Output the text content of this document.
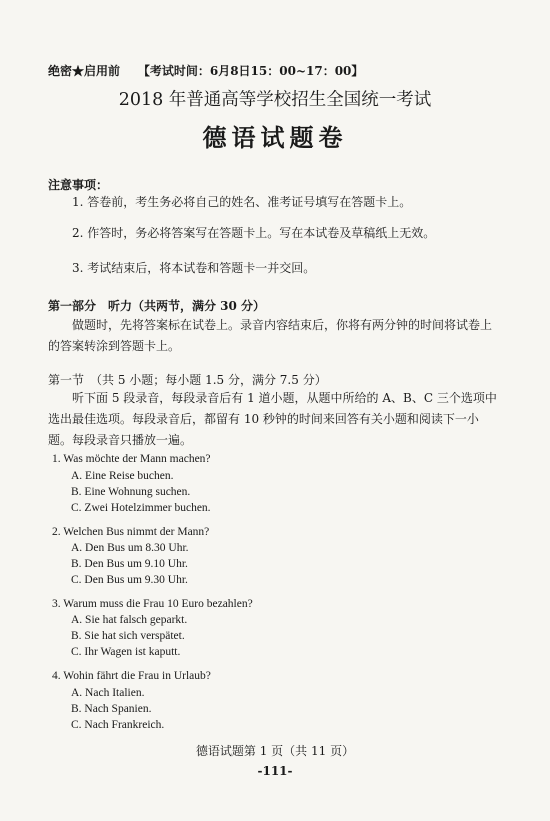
绝密★启用前 【考试时间：6月8日15：00~17：00】
2018 年普通高等学校招生全国统一考试
德语试题卷
注意事项：
1. 答卷前，考生务必将自己的姓名、准考证号填写在答题卡上。
2. 作答时，务必将答案写在答题卡上。写在本试卷及草稿纸上无效。
3. 考试结束后，将本试卷和答题卡一并交回。
第一部分　听力（共两节，满分 30 分）
做题时，先将答案标在试卷上。录音内容结束后，你将有两分钟的时间将试卷上的答案转涂到答题卡上。
第一节　（共 5 小题；每小题 1.5 分，满分 7.5 分）
听下面 5 段录音，每段录音后有 1 道小题，从题中所给的 A、B、C 三个选项中选出最佳选项。每段录音后，都留有 10 秒钟的时间来回答有关小题和阅读下一小题。每段录音只播放一遍。
1. Was möchte der Mann machen?
A. Eine Reise buchen.
B. Eine Wohnung suchen.
C. Zwei Hotelzimmer buchen.
2. Welchen Bus nimmt der Mann?
A. Den Bus um 8.30 Uhr.
B. Den Bus um 9.10 Uhr.
C. Den Bus um 9.30 Uhr.
3. Warum muss die Frau 10 Euro bezahlen?
A. Sie hat falsch geparkt.
B. Sie hat sich verspätet.
C. Ihr Wagen ist kaputt.
4. Wohin fährt die Frau in Urlaub?
A. Nach Italien.
B. Nach Spanien.
C. Nach Frankreich.
德语试题第 1 页（共 11 页）
-111-
